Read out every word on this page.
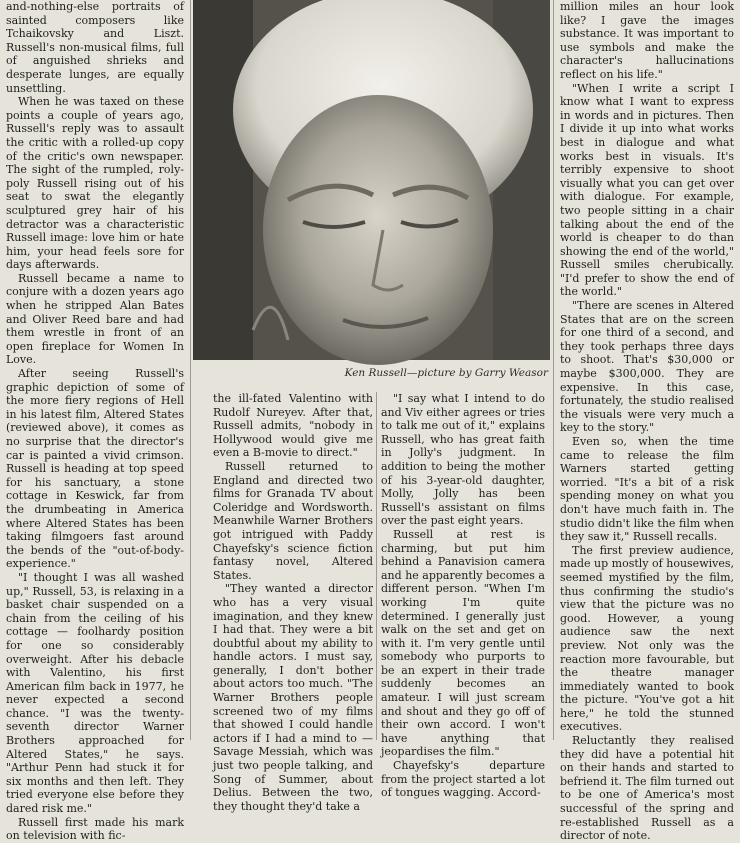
and-nothing-else portraits of sainted composers like Tchaikovsky and Liszt. Russell's non-musical films, full of anguished shrieks and desperate lunges, are equally unsettling.

When he was taxed on these points a couple of years ago, Russell's reply was to assault the critic with a rolled-up copy of the critic's own newspaper. The sight of the rumpled, roly-poly Russell rising out of his seat to swat the elegantly sculptured grey hair of his detractor was a characteristic Russell image: love him or hate him, your head feels sore for days afterwards.

Russell became a name to conjure with a dozen years ago when he stripped Alan Bates and Oliver Reed bare and had them wrestle in front of an open fireplace for Women In Love.

After seeing Russell's graphic depiction of some of the more fiery regions of Hell in his latest film, Altered States (reviewed above), it comes as no surprise that the director's car is painted a vivid crimson. Russell is heading at top speed for his sanctuary, a stone cottage in Keswick, far from the drumbeating in America where Altered States has been taking filmgoers fast around the bends of the "out-of-body-experience."

"I thought I was all washed up," Russell, 53, is relaxing in a basket chair suspended on a chain from the ceiling of his cottage — foolhardy position for one so considerably overweight. After his debacle with Valentino, his first American film back in 1977, he never expected a second chance. "I was the twenty-seventh director Warner Brothers approached for Altered States," he says. "Arthur Penn had stuck it for six months and then left. They tried everyone else before they dared risk me."

Russell first made his mark on television with fic-

Ken Russell—picture by Garry Weasor

the ill-fated Valentino with Rudolf Nureyev. After that, Russell admits, "nobody in Hollywood would give me even a B-movie to direct."

Russell returned to England and directed two films for Granada TV about Coleridge and Wordsworth. Meanwhile Warner Brothers got intrigued with Paddy Chayefsky's science fiction fantasy novel, Altered States.

"They wanted a director who has a very visual imagination, and they knew I had that. They were a bit doubtful about my ability to handle actors. I must say, generally, I don't bother about actors too much. "The Warner Brothers people screened two of my films that showed I could handle actors if I had a mind to — Savage Messiah, which was just two people talking, and Song of Summer, about Delius. Between the two, they thought they'd take a

"I say what I intend to do and Viv either agrees or tries to talk me out of it," explains Russell, who has great faith in Jolly's judgment. In addition to being the mother of his 3-year-old daughter, Molly, Jolly has been Russell's assistant on films over the past eight years.

Russell at rest is charming, but put him behind a Panavision camera and he apparently becomes a different person. "When I'm working I'm quite determined. I generally just walk on the set and get on with it. I'm very gentle until somebody who purports to be an expert in their trade suddenly becomes an amateur. I will just scream and shout and they go off of their own accord. I won't have anything that jeopardises the film."

Chayefsky's departure from the project started a lot of tongues wagging. Accord-

million miles an hour look like? I gave the images substance. It was important to use symbols and make the character's hallucinations reflect on his life."

"When I write a script I know what I want to express in words and in pictures. Then I divide it up into what works best in dialogue and what works best in visuals. It's terribly expensive to shoot visually what you can get over with dialogue. For example, two people sitting in a chair talking about the end of the world is cheaper to do than showing the end of the world," Russell smiles cherubically. "I'd prefer to show the end of the world."

"There are scenes in Altered States that are on the screen for one third of a second, and they took perhaps three days to shoot. That's $30,000 or maybe $300,000. They are expensive. In this case, fortunately, the studio realised the visuals were very much a key to the story."

Even so, when the time came to release the film Warners started getting worried. "It's a bit of a risk spending money on what you don't have much faith in. The studio didn't like the film when they saw it," Russell recalls.

The first preview audience, made up mostly of housewives, seemed mystified by the film, thus confirming the studio's view that the picture was no good. However, a young audience saw the next preview. Not only was the reaction more favourable, but the theatre manager immediately wanted to book the picture. "You've got a hit here," he told the stunned executives.

Reluctantly they realised they did have a potential hit on their hands and started to befriend it. The film turned out to be one of America's most successful of the spring and re-established Russell as a director of note.
